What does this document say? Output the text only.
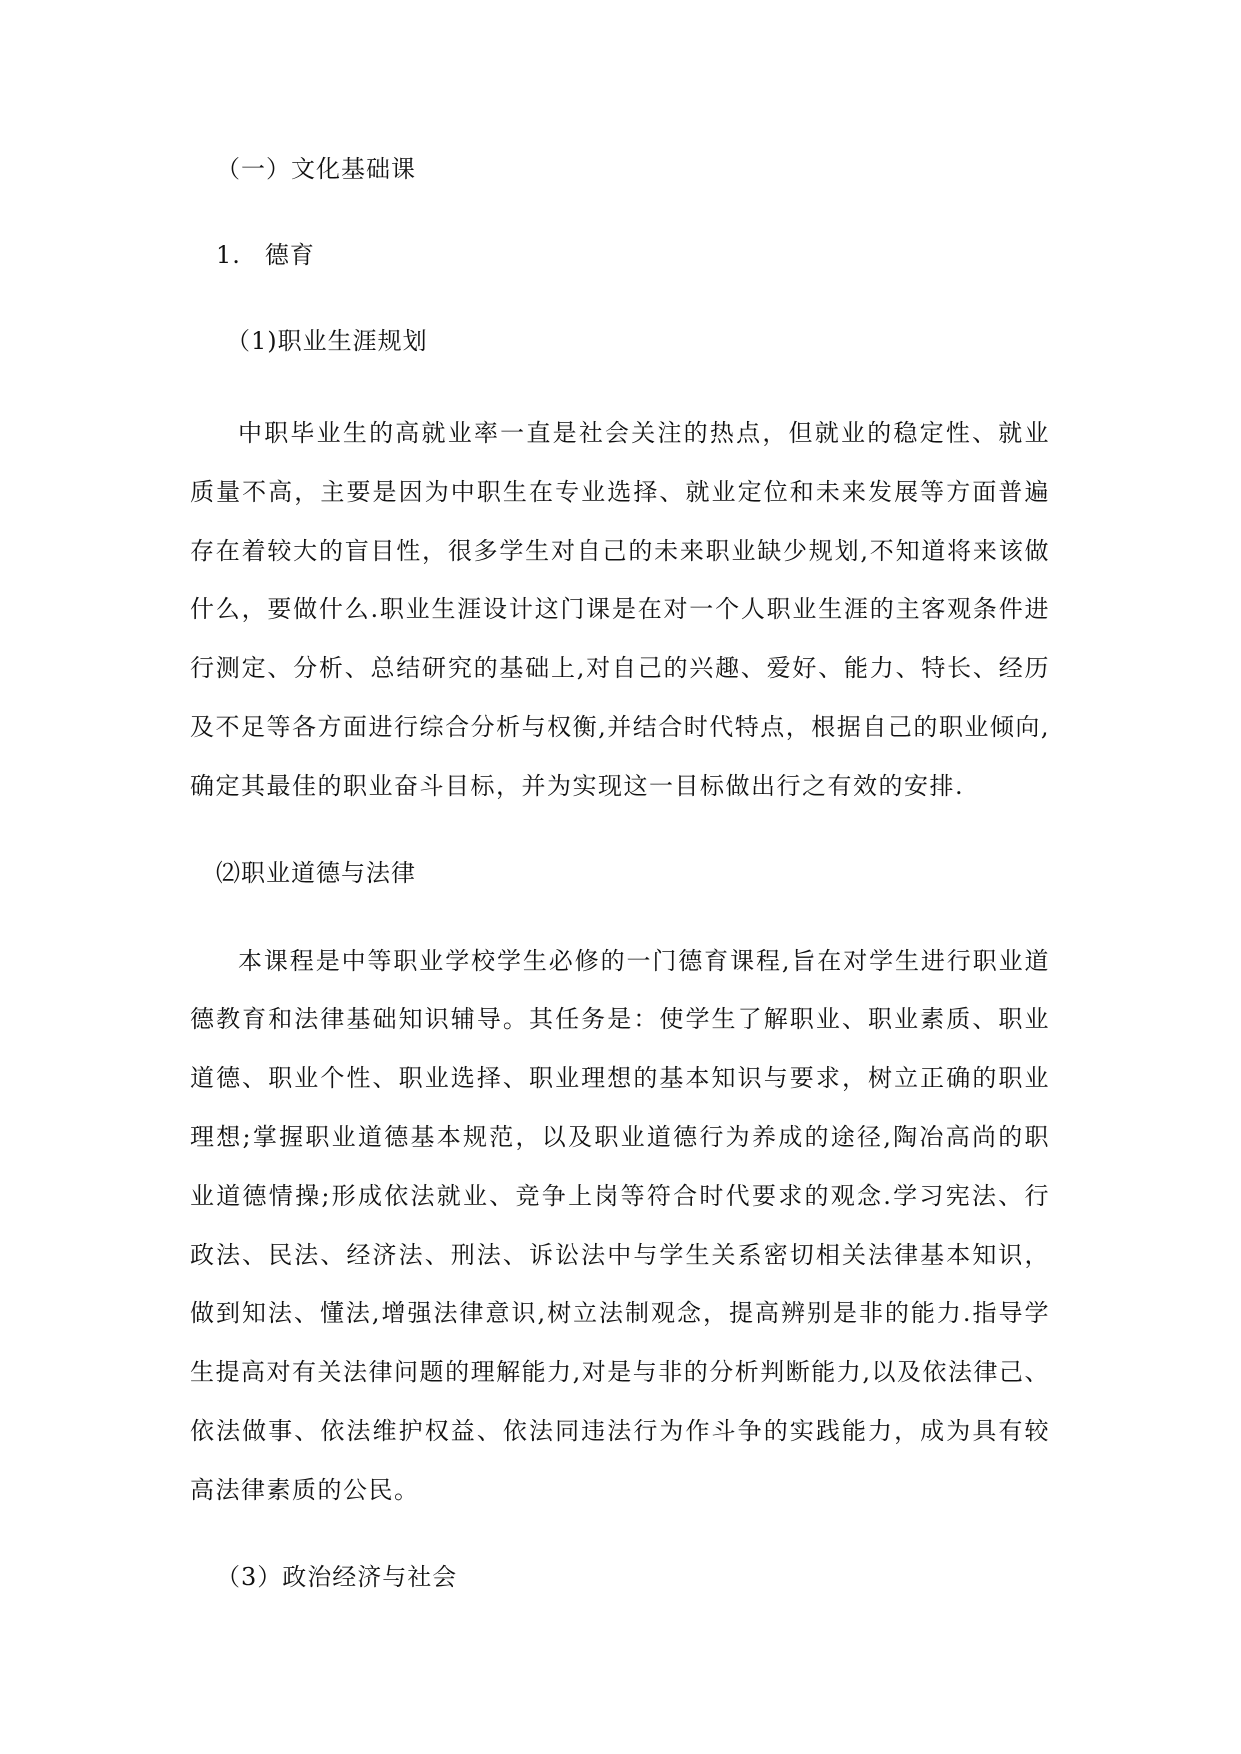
（一）文化基础课

1. 德育

（1)职业生涯规划

中职毕业生的高就业率一直是社会关注的热点，但就业的稳定性、就业质量不高，主要是因为中职生在专业选择、就业定位和未来发展等方面普遍存在着较大的盲目性，很多学生对自己的未来职业缺少规划,不知道将来该做什么，要做什么.职业生涯设计这门课是在对一个人职业生涯的主客观条件进行测定、分析、总结研究的基础上,对自己的兴趣、爱好、能力、特长、经历及不足等各方面进行综合分析与权衡,并结合时代特点，根据自己的职业倾向,确定其最佳的职业奋斗目标，并为实现这一目标做出行之有效的安排.

⑵职业道德与法律

本课程是中等职业学校学生必修的一门德育课程,旨在对学生进行职业道德教育和法律基础知识辅导。其任务是：使学生了解职业、职业素质、职业道德、职业个性、职业选择、职业理想的基本知识与要求，树立正确的职业理想;掌握职业道德基本规范，以及职业道德行为养成的途径,陶冶高尚的职业道德情操;形成依法就业、竞争上岗等符合时代要求的观念.学习宪法、行政法、民法、经济法、刑法、诉讼法中与学生关系密切相关法律基本知识，做到知法、懂法,增强法律意识,树立法制观念，提高辨别是非的能力.指导学生提高对有关法律问题的理解能力,对是与非的分析判断能力,以及依法律己、依法做事、依法维护权益、依法同违法行为作斗争的实践能力，成为具有较高法律素质的公民。

（3）政治经济与社会
